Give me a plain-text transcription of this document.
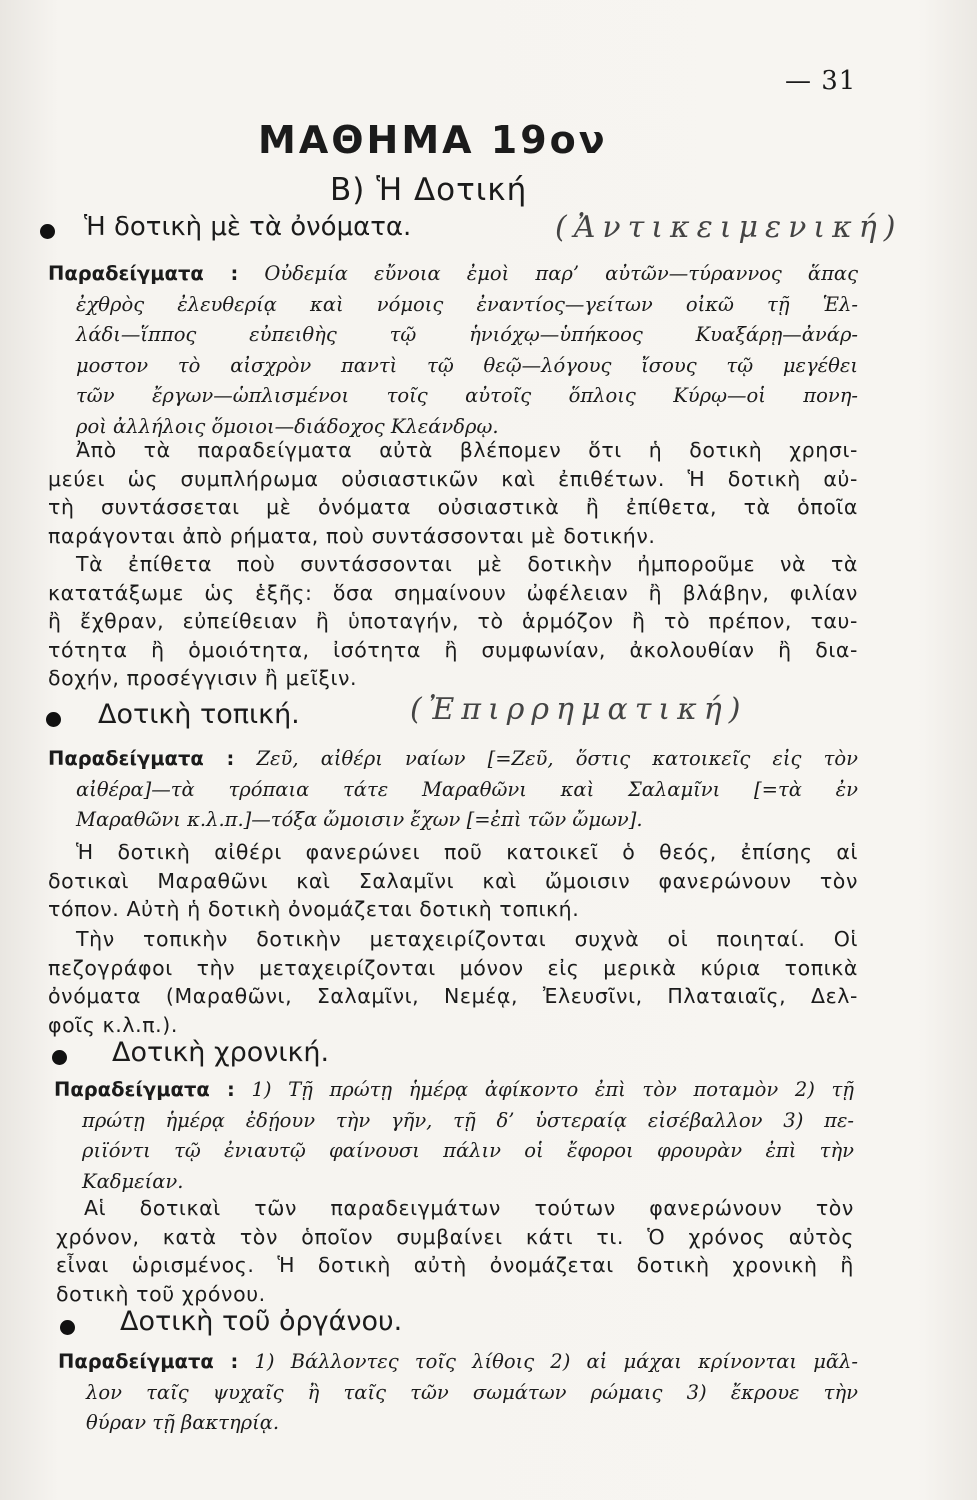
— 31
ΜΑΘΗΜΑ 19ον
Β) Ἡ Δοτική
Ἡ δοτικὴ μὲ τὰ ὀνόματα.	(Ἀντικειμενική)
Παραδείγματα : Οὐδεμία εὔνοια ἐμοὶ παρ’ αὐτῶν—τύραννος ἅπας
ἐχθρὸς ἐλευθερίᾳ καὶ νόμοις ἐναντίος—γείτων οἰκῶ τῇ Ἑλ-
λάδι—ἵππος εὐπειθὴς τῷ ἡνιόχῳ—ὑπήκοος Κυαξάρῃ—ἀνάρ-
μοστον τὸ αἰσχρὸν παντὶ τῷ θεῷ—λόγους ἴσους τῷ μεγέθει
τῶν ἔργων—ὡπλισμένοι τοῖς αὐτοῖς ὅπλοις Κύρῳ—οἱ πονη-
ροὶ ἀλλήλοις ὅμοιοι—διάδοχος Κλεάνδρῳ.
Ἀπὸ τὰ παραδείγματα αὐτὰ βλέπομεν ὅτι ἡ δοτικὴ χρησι-
μεύει ὡς συμπλήρωμα οὐσιαστικῶν καὶ ἐπιθέτων. Ἡ δοτικὴ αὐ-
τὴ συντάσσεται μὲ ὀνόματα οὐσιαστικὰ ἢ ἐπίθετα, τὰ ὁποῖα
παράγονται ἀπὸ ρήματα, ποὺ συντάσσονται μὲ δοτικήν.
Τὰ ἐπίθετα ποὺ συντάσσονται μὲ δοτικὴν ἠμποροῦμε νὰ τὰ
κατατάξωμε ὡς ἑξῆς: ὅσα σημαίνουν ὠφέλειαν ἢ βλάβην, φιλίαν
ἢ ἔχθραν, εὐπείθειαν ἢ ὑποταγήν, τὸ ἁρμόζον ἢ τὸ πρέπον, ταυ-
τότητα ἢ ὁμοιότητα, ἰσότητα ἢ συμφωνίαν, ἀκολουθίαν ἢ δια-
δοχήν, προσέγγισιν ἢ μεῖξιν.
Δοτικὴ τοπική.	(Ἐπιρρηματική)
Παραδείγματα : Ζεῦ, αἰθέρι ναίων [=Ζεῦ, ὅστις κατοικεῖς εἰς τὸν
αἰθέρα]—τὰ τρόπαια τάτε Μαραθῶνι καὶ Σαλαμῖνι [=τὰ ἐν
Μαραθῶνι κ.λ.π.]—τόξα ὤμοισιν ἔχων [=ἐπὶ τῶν ὤμων].
Ἡ δοτικὴ αἰθέρι φανερώνει ποῦ κατοικεῖ ὁ θεός, ἐπίσης αἱ
δοτικαὶ Μαραθῶνι καὶ Σαλαμῖνι καὶ ὤμοισιν φανερώνουν τὸν
τόπον. Αὐτὴ ἡ δοτικὴ ὀνομάζεται δοτικὴ τοπική.
Τὴν τοπικὴν δοτικὴν μεταχειρίζονται συχνὰ οἱ ποιηταί. Οἱ
πεζογράφοι τὴν μεταχειρίζονται μόνον εἰς μερικὰ κύρια τοπικὰ
ὀνόματα (Μαραθῶνι, Σαλαμῖνι, Νεμέᾳ, Ἐλευσῖνι, Πλαταιαῖς, Δελ-
φοῖς κ.λ.π.).
Δοτικὴ χρονική.
Παραδείγματα : 1) Τῇ πρώτῃ ἡμέρᾳ ἀφίκοντο ἐπὶ τὸν ποταμὸν 2) τῇ
πρώτῃ ἡμέρᾳ ἐδῄουν τὴν γῆν, τῇ δ’ ὑστεραίᾳ εἰσέβαλλον 3) πε-
ριϊόντι τῷ ἐνιαυτῷ φαίνουσι πάλιν οἱ ἔφοροι φρουρὰν ἐπὶ τὴν
Καδμείαν.
Αἱ δοτικαὶ τῶν παραδειγμάτων τούτων φανερώνουν τὸν
χρόνον, κατὰ τὸν ὁποῖον συμβαίνει κάτι τι. Ὁ χρόνος αὐτὸς
εἶναι ὡρισμένος. Ἡ δοτικὴ αὐτὴ ὀνομάζεται δοτικὴ χρονικὴ ἢ
δοτικὴ τοῦ χρόνου.
Δοτικὴ τοῦ ὀργάνου.
Παραδείγματα : 1) Βάλλοντες τοῖς λίθοις 2) αἱ μάχαι κρίνονται μᾶλ-
λον ταῖς ψυχαῖς ἢ ταῖς τῶν σωμάτων ρώμαις 3) ἔκρουε τὴν
θύραν τῇ βακτηρίᾳ.
